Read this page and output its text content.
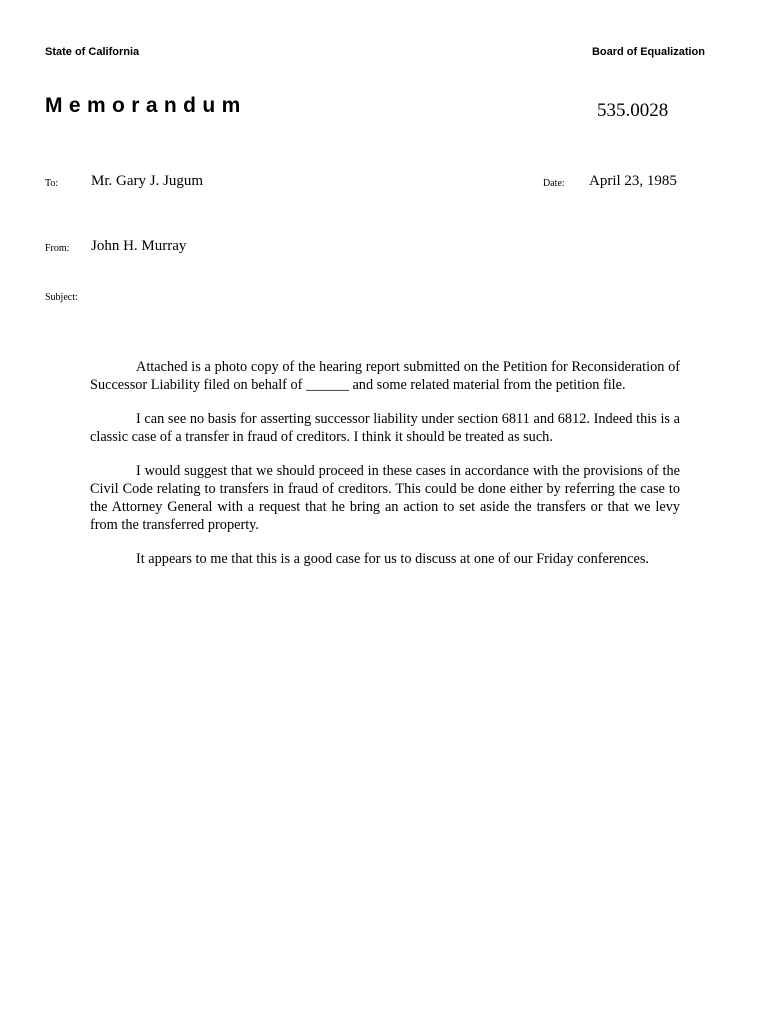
State of California	Board of Equalization
Memorandum	535.0028
To: Mr. Gary J. Jugum	Date: April 23, 1985
From: John H. Murray
Subject:

Attached is a photo copy of the hearing report submitted on the Petition for Reconsideration of Successor Liability filed on behalf of ______ and some related material from the petition file.

I can see no basis for asserting successor liability under section 6811 and 6812. Indeed this is a classic case of a transfer in fraud of creditors. I think it should be treated as such.

I would suggest that we should proceed in these cases in accordance with the provisions of the Civil Code relating to transfers in fraud of creditors. This could be done either by referring the case to the Attorney General with a request that he bring an action to set aside the transfers or that we levy from the transferred property.

It appears to me that this is a good case for us to discuss at one of our Friday conferences.
